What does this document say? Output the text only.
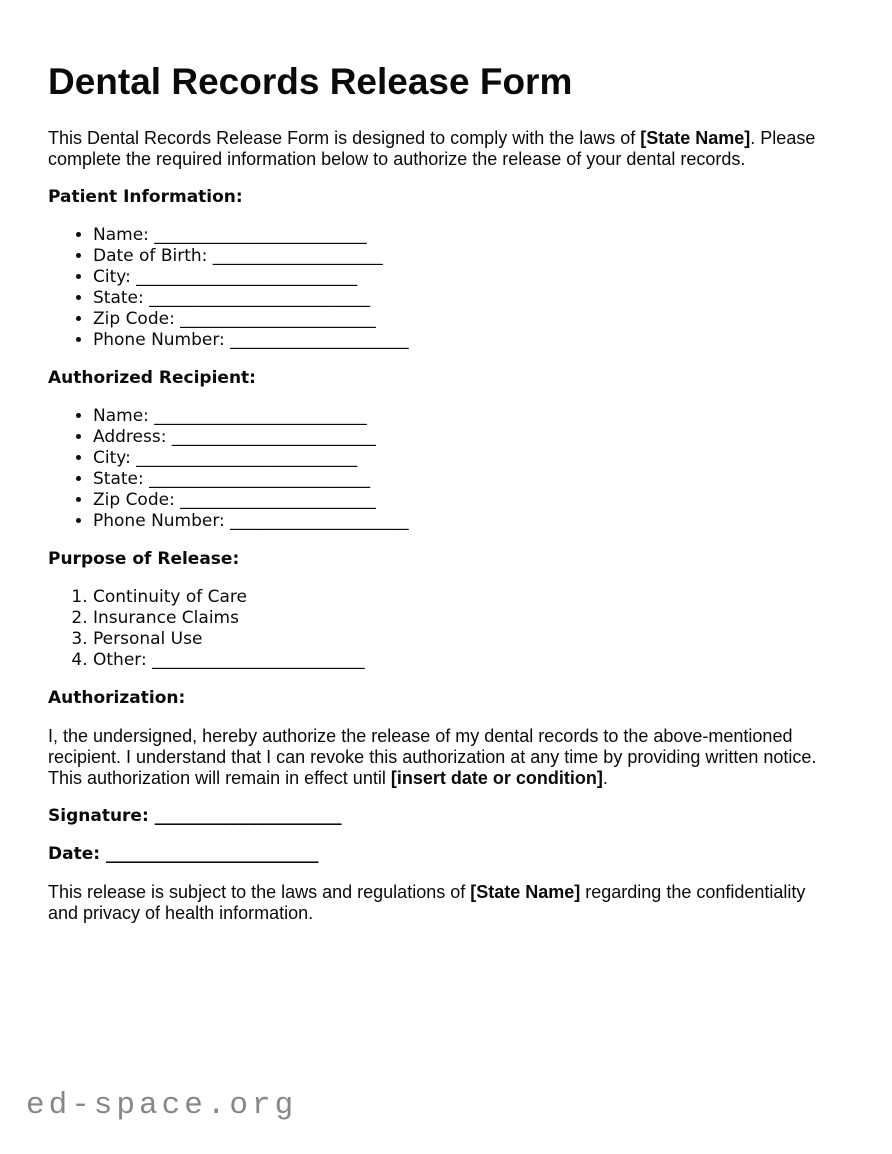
Dental Records Release Form

This Dental Records Release Form is designed to comply with the laws of [State Name]. Please complete the required information below to authorize the release of your dental records.

Patient Information:
• Name: _________________________
• Date of Birth: ____________________
• City: __________________________
• State: __________________________
• Zip Code: _______________________
• Phone Number: _____________________
Authorized Recipient:
• Name: _________________________
• Address: ________________________
• City: __________________________
• State: __________________________
• Zip Code: _______________________
• Phone Number: _____________________
Purpose of Release:
1. Continuity of Care
2. Insurance Claims
3. Personal Use
4. Other: _________________________
Authorization:

I, the undersigned, hereby authorize the release of my dental records to the above-mentioned recipient. I understand that I can revoke this authorization at any time by providing written notice. This authorization will remain in effect until [insert date or condition].

Signature: ______________________

Date: _________________________

This release is subject to the laws and regulations of [State Name] regarding the confidentiality and privacy of health information.

ed-space.org
